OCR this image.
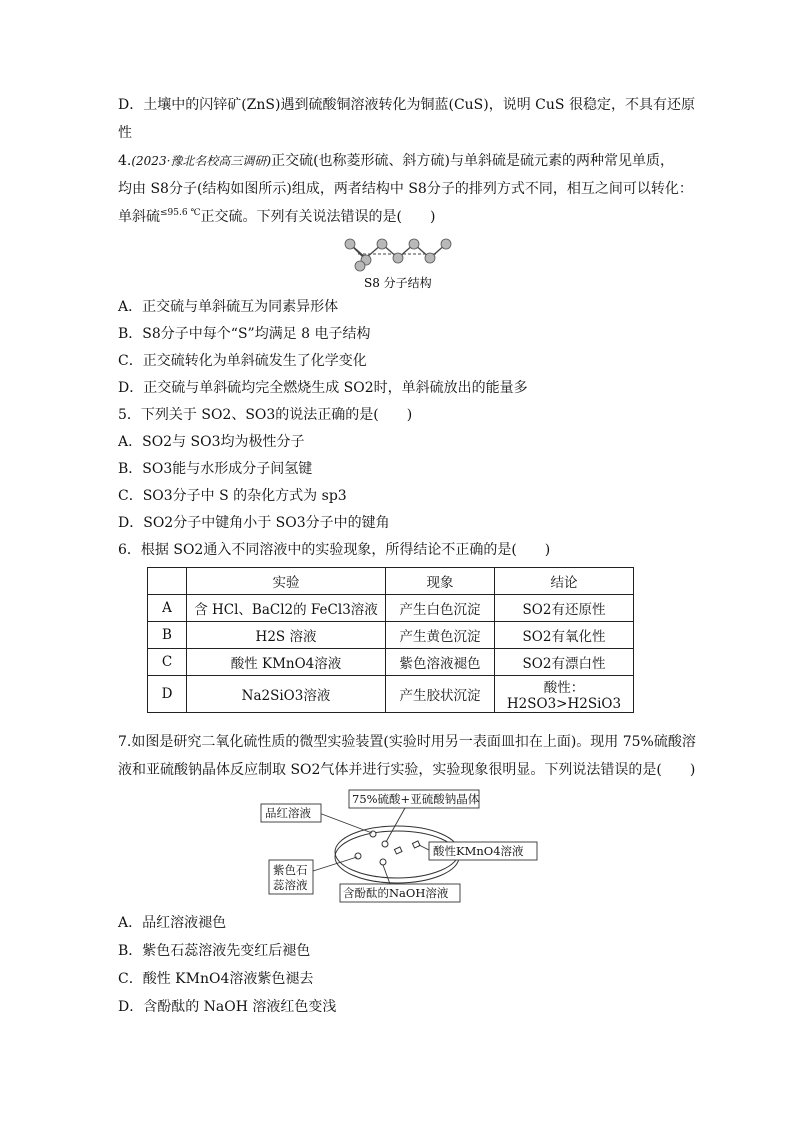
D．土壤中的闪锌矿(ZnS)遇到硫酸铜溶液转化为铜蓝(CuS)，说明 CuS 很稳定，不具有还原
性
4.(2023·豫北名校高三调研)正交硫(也称菱形硫、斜方硫)与单斜硫是硫元素的两种常见单质，
均由 S8分子(结构如图所示)组成，两者结构中 S8分子的排列方式不同，相互之间可以转化：
单斜硫$^{\le 95.6 ℃}$正交硫。下列有关说法错误的是(　　)
S8 分子结构
A．正交硫与单斜硫互为同素异形体
B．S8分子中每个“S”均满足 8 电子结构
C．正交硫转化为单斜硫发生了化学变化
D．正交硫与单斜硫均完全燃烧生成 SO2时，单斜硫放出的能量多
5．下列关于 SO2、SO3的说法正确的是(　　)
A．SO2与 SO3均为极性分子
B．SO3能与水形成分子间氢键
C．SO3分子中 S 的杂化方式为 sp3
D．SO2分子中键角小于 SO3分子中的键角
6．根据 SO2通入不同溶液中的实验现象，所得结论不正确的是(　　)
	实验	现象	结论
A	含 HCl、BaCl2的 FeCl3溶液	产生白色沉淀	SO2有还原性
B	H2S 溶液	产生黄色沉淀	SO2有氧化性
C	酸性 KMnO4溶液	紫色溶液褪色	SO2有漂白性
D	Na2SiO3溶液	产生胶状沉淀	酸性：H2SO3>H2SiO3
7.如图是研究二氧化硫性质的微型实验装置(实验时用另一表面皿扣在上面)。现用 75%硫酸溶
液和亚硫酸钠晶体反应制取 SO2气体并进行实验，实验现象很明显。下列说法错误的是(　　)
品红溶液
75%硫酸+亚硫酸钠晶体
酸性KMnO4溶液
紫色石
蕊溶液
含酚酞的NaOH溶液
A．品红溶液褪色
B．紫色石蕊溶液先变红后褪色
C．酸性 KMnO4溶液紫色褪去
D．含酚酞的 NaOH 溶液红色变浅
